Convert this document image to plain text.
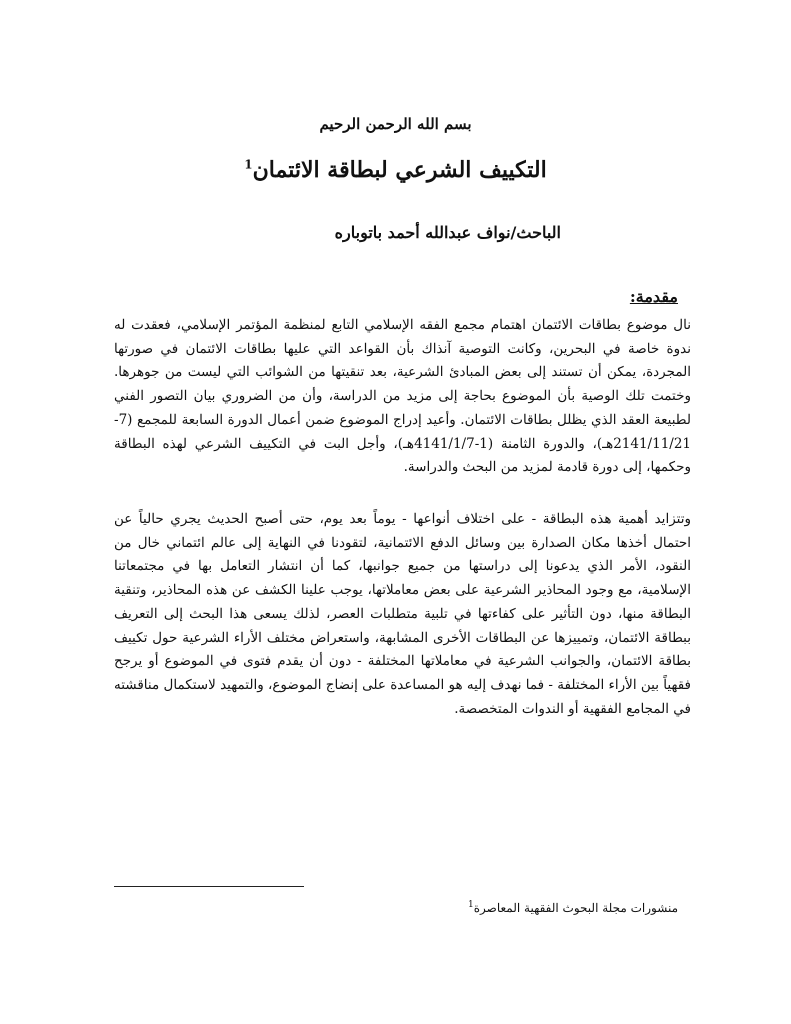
بسم الله الرحمن الرحيم
التكييف الشرعي لبطاقة الائتمان$^1$
الباحث/نواف عبدالله أحمد باتوباره
مقدمة:

نال موضوع بطاقات الائتمان اهتمام مجمع الفقه الإسلامي التابع لمنظمة المؤتمر الإسلامي، فعقدت له ندوة خاصة في البحرين، وكانت التوصية آنذاك بأن القواعد التي عليها بطاقات الائتمان في صورتها المجردة، يمكن أن تستند إلى بعض المبادئ الشرعية، بعد تنقيتها من الشوائب التي ليست من جوهرها. وختمت تلك الوصية بأن الموضوع بحاجة إلى مزيد من الدراسة، وأن من الضروري بيان التصور الفني لطبيعة العقد الذي يظلل بطاقات الائتمان. وأعيد إدراج الموضوع ضمن أعمال الدورة السابعة للمجمع (7-2141/11/21هـ)، والدورة الثامنة (1-4141/1/7هـ)، وأجل البت في التكييف الشرعي لهذه البطاقة وحكمها، إلى دورة قادمة لمزيد من البحث والدراسة.

وتتزايد أهمية هذه البطاقة - على اختلاف أنواعها - يوماً بعد يوم، حتى أصبح الحديث يجري حالياً عن احتمال أخذها مكان الصدارة بين وسائل الدفع الائتمانية، لتقودنا في النهاية إلى عالم ائتماني خال من النقود، الأمر الذي يدعونا إلى دراستها من جميع جوانبها، كما أن انتشار التعامل بها في مجتمعاتنا الإسلامية، مع وجود المحاذير الشرعية على بعض معاملاتها، يوجب علينا الكشف عن هذه المحاذير، وتنقية البطاقة منها، دون التأثير على كفاءتها في تلبية متطلبات العصر، لذلك يسعى هذا البحث إلى التعريف ببطاقة الائتمان، وتمييزها عن البطاقات الأخرى المشابهة، واستعراض مختلف الأراء الشرعية حول تكييف بطاقة الائتمان، والجوانب الشرعية في معاملاتها المختلفة - دون أن يقدم فتوى في الموضوع أو يرجح فقهياً بين الأراء المختلفة - فما نهدف إليه هو المساعدة على إنضاج الموضوع، والتمهيد لاستكمال مناقشته في المجامع الفقهية أو الندوات المتخصصة.

منشورات مجلة البحوث الفقهية المعاصرة$^1$
